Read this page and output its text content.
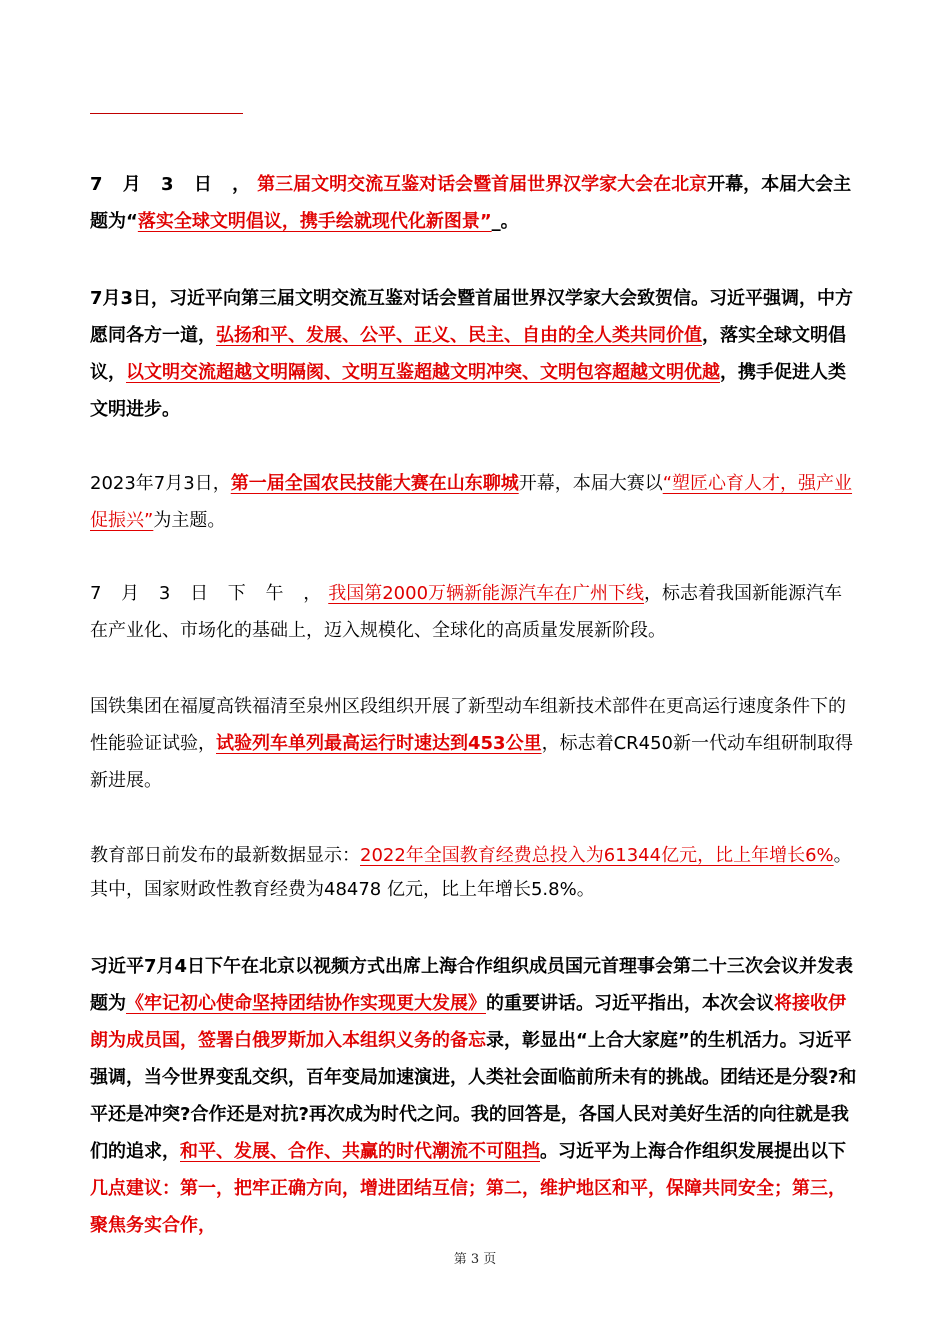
7 月 3 日 ，第三届文明交流互鉴对话会暨首届世界汉学家大会在北京开幕，本届大会主题为“落实全球文明倡议，携手绘就现代化新图景”_。
7月3日，习近平向第三届文明交流互鉴对话会暨首届世界汉学家大会致贺信。习近平强调，中方愿同各方一道，弘扬和平、发展、公平、正义、民主、自由的全人类共同价值，落实全球文明倡议，以文明交流超越文明隔阂、文明互鉴超越文明冲突、文明包容超越文明优越，携手促进人类文明进步。
2023年7月3日，第一届全国农民技能大赛在山东聊城开幕，本届大赛以“塑匠心育人才，强产业促振兴”为主题。
7 月 3 日 下 午 ，我国第2000万辆新能源汽车在广州下线，标志着我国新能源汽车在产业化、市场化的基础上，迈入规模化、全球化的高质量发展新阶段。
国铁集团在福厦高铁福清至泉州区段组织开展了新型动车组新技术部件在更高运行速度条件下的性能验证试验，试验列车单列最高运行时速达到453公里，标志着CR450新一代动车组研制取得新进展。
教育部日前发布的最新数据显示：2022年全国教育经费总投入为61344亿元，比上年增长6%。其中，国家财政性教育经费为48478 亿元，比上年增长5.8%。
习近平7月4日下午在北京以视频方式出席上海合作组织成员国元首理事会第二十三次会议并发表题为《牢记初心使命坚持团结协作实现更大发展》的重要讲话。习近平指出，本次会议将接收伊朗为成员国，签署白俄罗斯加入本组织义务的备忘录，彰显出“上合大家庭”的生机活力。习近平强调，当今世界变乱交织，百年变局加速演进，人类社会面临前所未有的挑战。团结还是分裂?和平还是冲突?合作还是对抗?再次成为时代之问。我的回答是，各国人民对美好生活的向往就是我们的追求，和平、发展、合作、共赢的时代潮流不可阻挡。习近平为上海合作组织发展提出以下几点建议：第一，把牢正确方向，增进团结互信；第二，维护地区和平，保障共同安全；第三，聚焦务实合作，
第 3 页
